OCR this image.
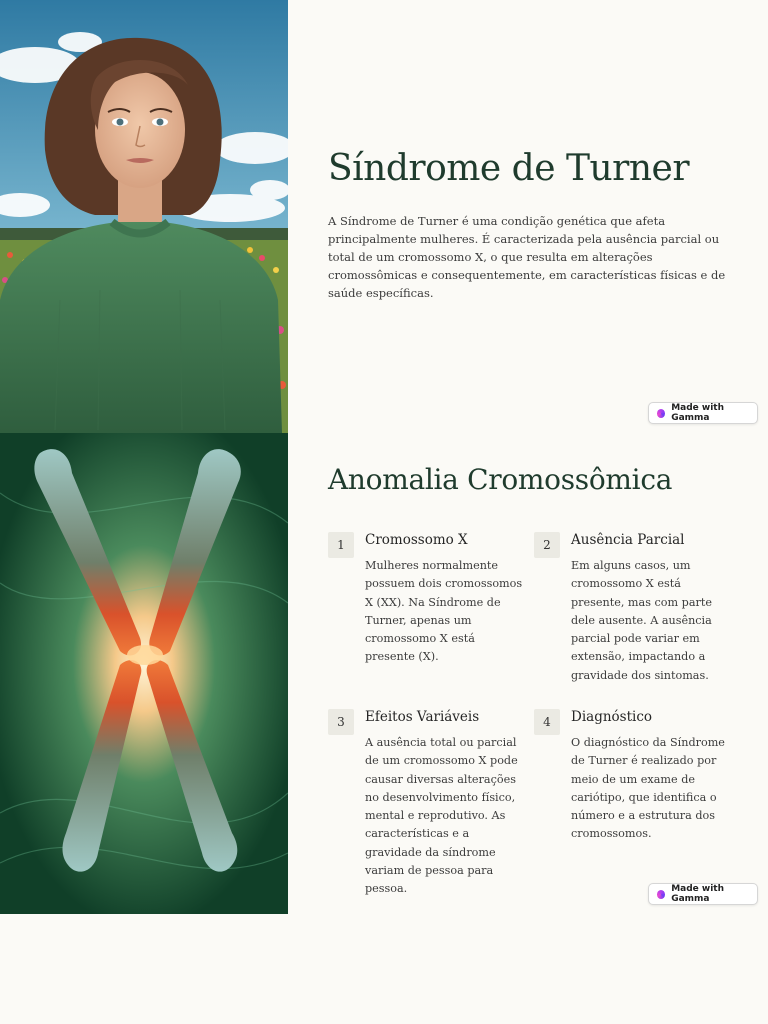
Síndrome de Turner

A Síndrome de Turner é uma condição genética que afeta principalmente mulheres. É caracterizada pela ausência parcial ou total de um cromossomo X, o que resulta em alterações cromossômicas e consequentemente, em características físicas e de saúde específicas.

Made with Gamma
Anomalia Cromossômica
1	Cromossomo X

Mulheres normalmente possuem dois cromossomos X (XX). Na Síndrome de Turner, apenas um cromossomo X está presente (X).

2	Ausência Parcial

Em alguns casos, um cromossomo X está presente, mas com parte dele ausente. A ausência parcial pode variar em extensão, impactando a gravidade dos sintomas.

3	Efeitos Variáveis

A ausência total ou parcial de um cromossomo X pode causar diversas alterações no desenvolvimento físico, mental e reprodutivo. As características e a gravidade da síndrome variam de pessoa para pessoa.

4	Diagnóstico

O diagnóstico da Síndrome de Turner é realizado por meio de um exame de cariótipo, que identifica o número e a estrutura dos cromossomos.

Made with Gamma
